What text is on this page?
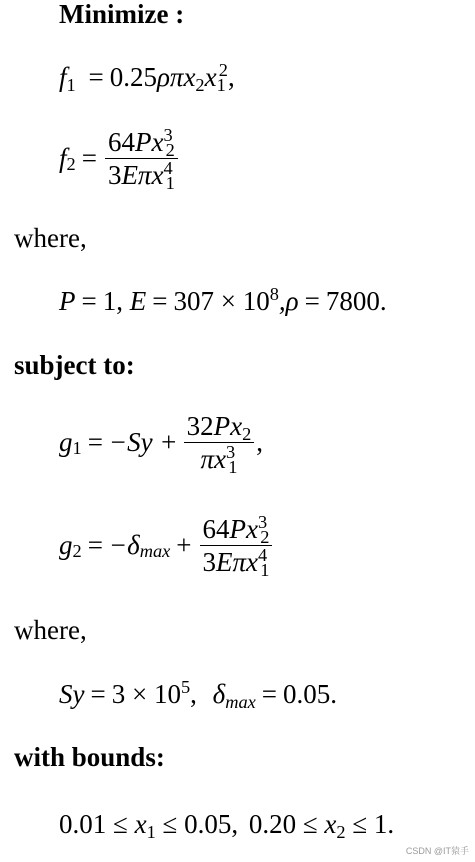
Minimize :
$f_1 = 0.25\rho\pi x_2x_1^2$,
$f_2 = \frac{64Px^3_2}{3E\pi x^4_1}$
where,
P = 1, $E = 307 \times 10^8,\rho = 7800$.
subject to:
$g_1 = -Sy + \frac{32Px_2}{\pi x^3_1}$ ,
$g_2 = -\delta_{max} + \frac{64Px^3_2}{3E\pi x^4_1}$
where,
$Sy = 3 \times 10^5$, $\delta_{max} = 0.05$.
with bounds:
$0.01 \le x_1 \le 0.05$, $0.20 \le x_2 \le 1$.
CSDN @IT猿手
